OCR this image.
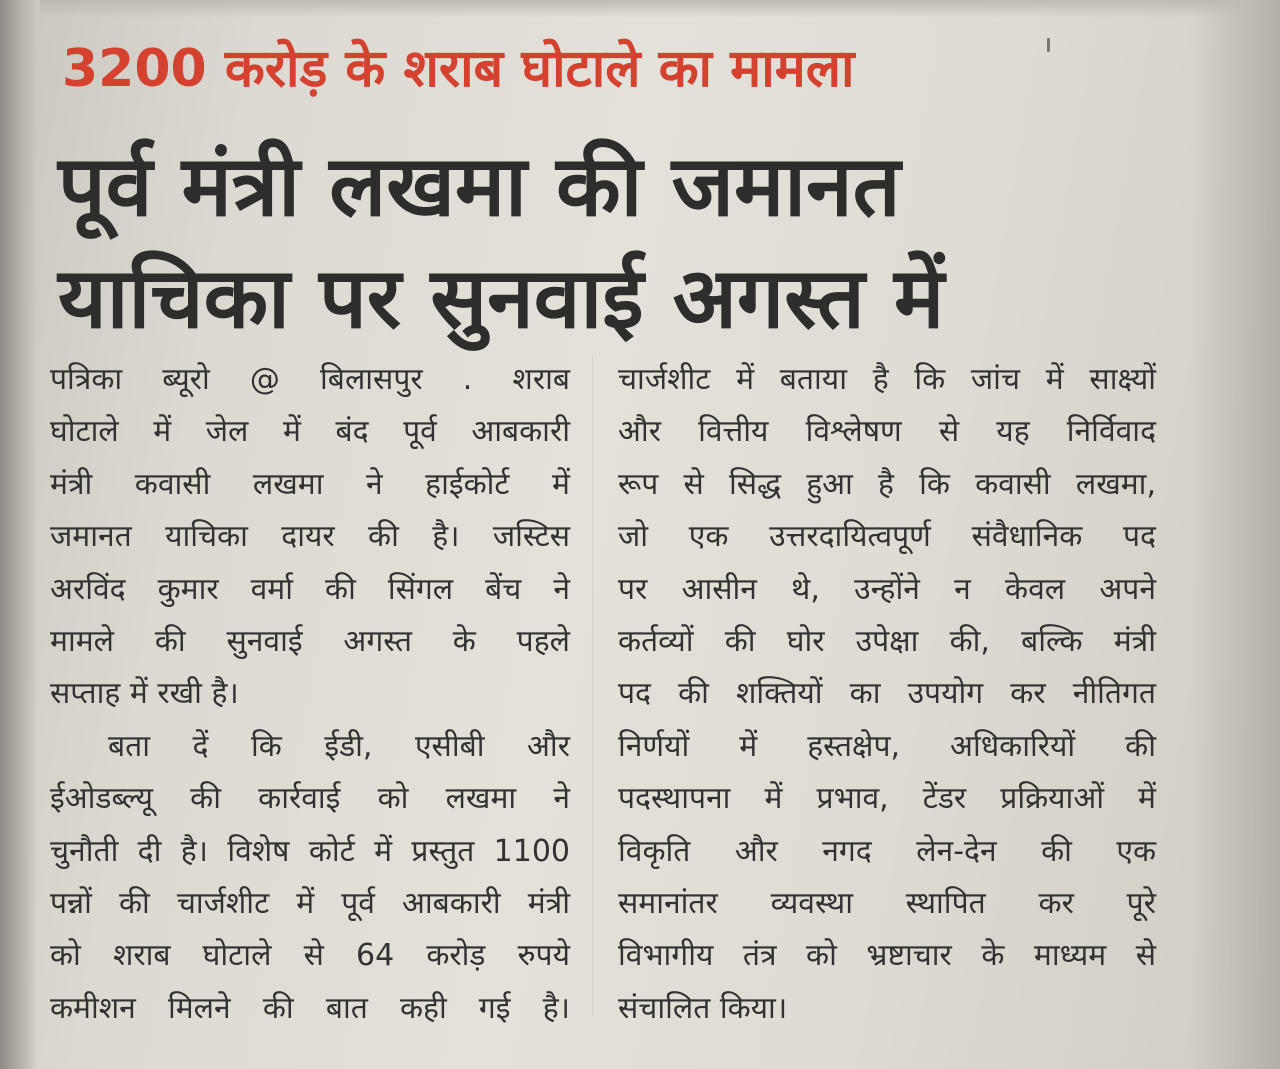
3200 करोड़ के शराब घोटाले का मामला
पूर्व मंत्री लखमा की जमानत
याचिका पर सुनवाई अगस्त में
पत्रिका ब्यूरो @ बिलासपुर . शराब
घोटाले में जेल में बंद पूर्व आबकारी
मंत्री कवासी लखमा ने हाईकोर्ट में
जमानत याचिका दायर की है। जस्टिस
अरविंद कुमार वर्मा की सिंगल बेंच ने
मामले की सुनवाई अगस्त के पहले
सप्ताह में रखी है।
बता दें कि ईडी, एसीबी और
ईओडब्ल्यू की कार्रवाई को लखमा ने
चुनौती दी है। विशेष कोर्ट में प्रस्तुत 1100
पन्नों की चार्जशीट में पूर्व आबकारी मंत्री
को शराब घोटाले से 64 करोड़ रुपये
कमीशन मिलने की बात कही गई है।
चार्जशीट में बताया है कि जांच में साक्ष्यों
और वित्तीय विश्लेषण से यह निर्विवाद
रूप से सिद्ध हुआ है कि कवासी लखमा,
जो एक उत्तरदायित्वपूर्ण संवैधानिक पद
पर आसीन थे, उन्होंने न केवल अपने
कर्तव्यों की घोर उपेक्षा की, बल्कि मंत्री
पद की शक्तियों का उपयोग कर नीतिगत
निर्णयों में हस्तक्षेप, अधिकारियों की
पदस्थापना में प्रभाव, टेंडर प्रक्रियाओं में
विकृति और नगद लेन-देन की एक
समानांतर व्यवस्था स्थापित कर पूरे
विभागीय तंत्र को भ्रष्टाचार के माध्यम से
संचालित किया।
